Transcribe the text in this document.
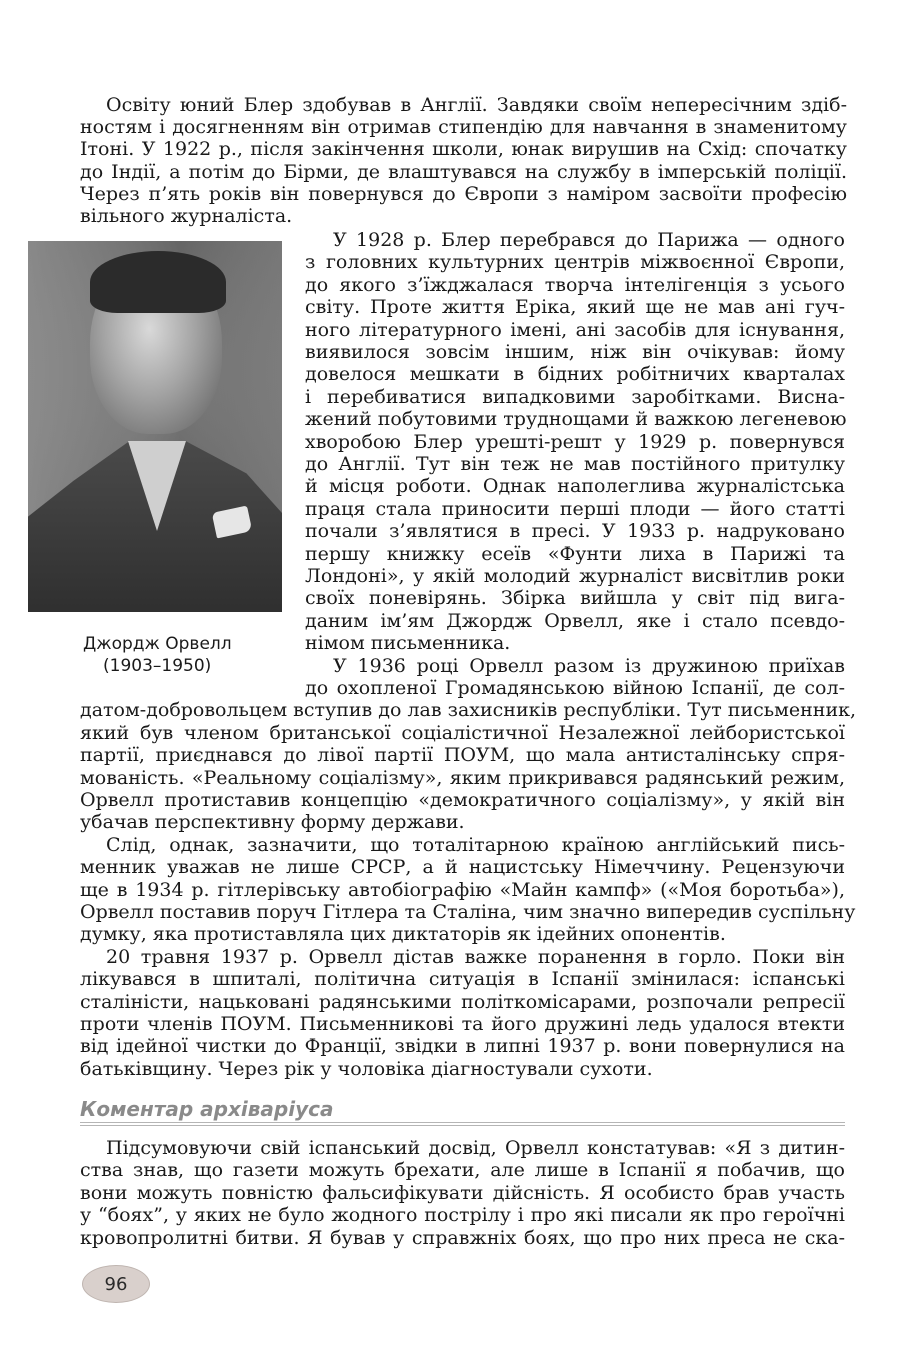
Освіту юний Блер здобував в Англії. Завдяки своїм непересічним здіб-

ностям і досягненням він отримав стипендію для навчання в знаменитому

Ітоні. У 1922 р., після закінчення школи, юнак вирушив на Схід: спочатку

до Індії, а потім до Бірми, де влаштувався на службу в імперській поліції.

Через п’ять років він повернувся до Європи з наміром засвоїти професію

вільного журналіста.

Джордж Орвелл
(1903–1950)

У 1928 р. Блер перебрався до Парижа — одного

з головних культурних центрів міжвоєнної Європи,

до якого з’їжджалася творча інтелігенція з усього

світу. Проте життя Еріка, який ще не мав ані гуч-

ного літературного імені, ані засобів для існування,

виявилося зовсім іншим, ніж він очікував: йому

довелося мешкати в бідних робітничих кварталах

і перебиватися випадковими заробітками. Висна-

жений побутовими труднощами й важкою легеневою

хворобою Блер урешті-решт у 1929 р. повернувся

до Англії. Тут він теж не мав постійного притулку

й місця роботи. Однак наполеглива журналістська

праця стала приносити перші плоди — його статті

почали з’являтися в пресі. У 1933 р. надруковано

першу книжку есеїв «Фунти лиха в Парижі та

Лондоні», у якій молодий журналіст висвітлив роки

своїх поневірянь. Збірка вийшла у світ під вига-

даним ім’ям Джордж Орвелл, яке і стало псевдо-

німом письменника.

У 1936 році Орвелл разом із дружиною приїхав

до охопленої Громадянською війною Іспанії, де сол-

датом-добровольцем вступив до лав захисників республіки. Тут письменник,

який був членом британської соціалістичної Незалежної лейбористської

партії, приєднався до лівої партії ПОУМ, що мала антисталінську спря-

мованість. «Реальному соціалізму», яким прикривався радянський режим,

Орвелл протиставив концепцію «демократичного соціалізму», у якій він

убачав перспективну форму держави.

Слід, однак, зазначити, що тоталітарною країною англійський пись-

менник уважав не лише СРСР, а й нацистську Німеччину. Рецензуючи

ще в 1934 р. гітлерівську автобіографію «Майн кампф» («Моя боротьба»),

Орвелл поставив поруч Гітлера та Сталіна, чим значно випередив суспільну

думку, яка протиставляла цих диктаторів як ідейних опонентів.

20 травня 1937 р. Орвелл дістав важке поранення в горло. Поки він

лікувався в шпиталі, політична ситуація в Іспанії змінилася: іспанські

сталіністи, нацьковані радянськими політкомісарами, розпочали репресії

проти членів ПОУМ. Письменникові та його дружині ледь удалося втекти

від ідейної чистки до Франції, звідки в липні 1937 р. вони повернулися на

батьківщину. Через рік у чоловіка діагностували сухоти.

Коментар архіваріуса

Підсумовуючи свій іспанський досвід, Орвелл констатував: «Я з дитин-

ства знав, що газети можуть брехати, але лише в Іспанії я побачив, що

вони можуть повністю фальсифікувати дійсність. Я особисто брав участь

у “боях”, у яких не було жодного пострілу і про які писали як про героїчні

кровопролитні битви. Я бував у справжніх боях, що про них преса не ска-

96
